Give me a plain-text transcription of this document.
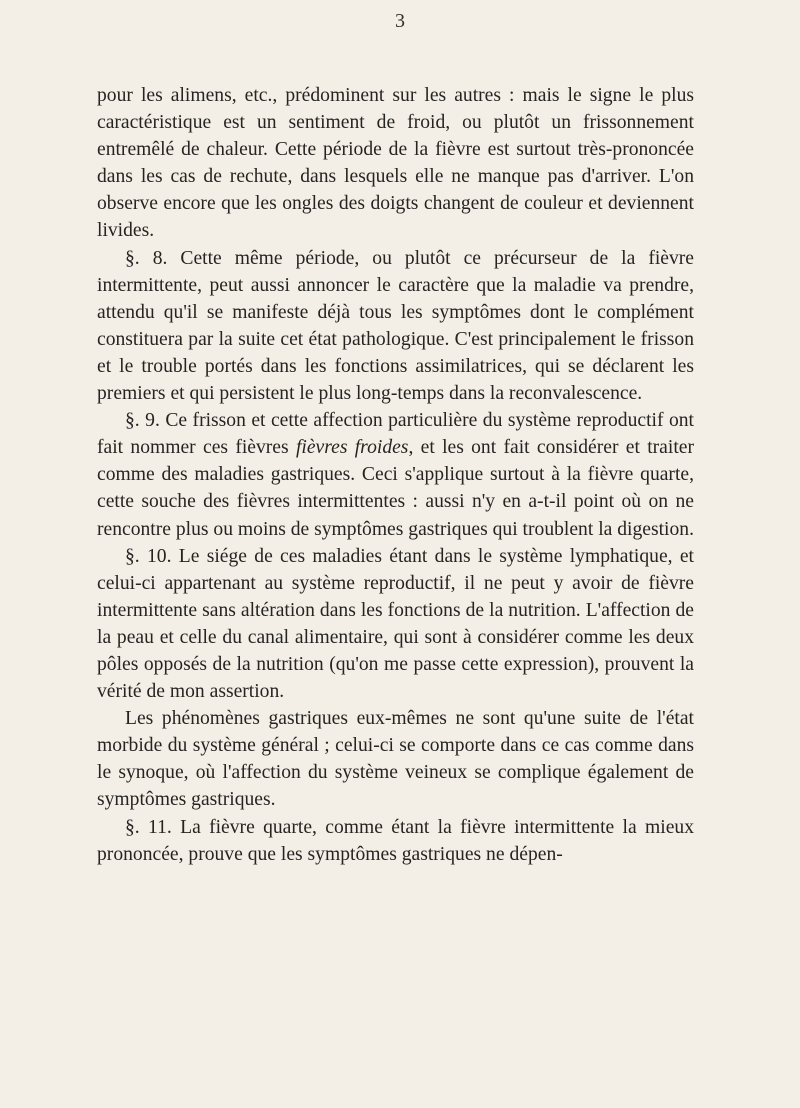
3

pour les alimens, etc., prédominent sur les autres : mais le signe le plus caractéristique est un sentiment de froid, ou plutôt un frissonnement entremêlé de chaleur. Cette période de la fièvre est surtout très-prononcée dans les cas de rechute, dans lesquels elle ne manque pas d'arriver. L'on observe encore que les ongles des doigts changent de couleur et deviennent livides.

§. 8. Cette même période, ou plutôt ce précurseur de la fièvre intermittente, peut aussi annoncer le caractère que la maladie va prendre, attendu qu'il se manifeste déjà tous les symptômes dont le complément constituera par la suite cet état pathologique. C'est principalement le frisson et le trouble portés dans les fonctions assimilatrices, qui se déclarent les premiers et qui persistent le plus long-temps dans la reconvalescence.

§. 9. Ce frisson et cette affection particulière du système reproductif ont fait nommer ces fièvres fièvres froides, et les ont fait considérer et traiter comme des maladies gastriques. Ceci s'applique surtout à la fièvre quarte, cette souche des fièvres intermittentes : aussi n'y en a-t-il point où on ne rencontre plus ou moins de symptômes gastriques qui troublent la digestion.

§. 10. Le siége de ces maladies étant dans le système lymphatique, et celui-ci appartenant au système reproductif, il ne peut y avoir de fièvre intermittente sans altération dans les fonctions de la nutrition. L'affection de la peau et celle du canal alimentaire, qui sont à considérer comme les deux pôles opposés de la nutrition (qu'on me passe cette expression), prouvent la vérité de mon assertion.

Les phénomènes gastriques eux-mêmes ne sont qu'une suite de l'état morbide du système général ; celui-ci se comporte dans ce cas comme dans le synoque, où l'affection du système veineux se complique également de symptômes gastriques.

§. 11. La fièvre quarte, comme étant la fièvre intermittente la mieux prononcée, prouve que les symptômes gastriques ne dépen-
